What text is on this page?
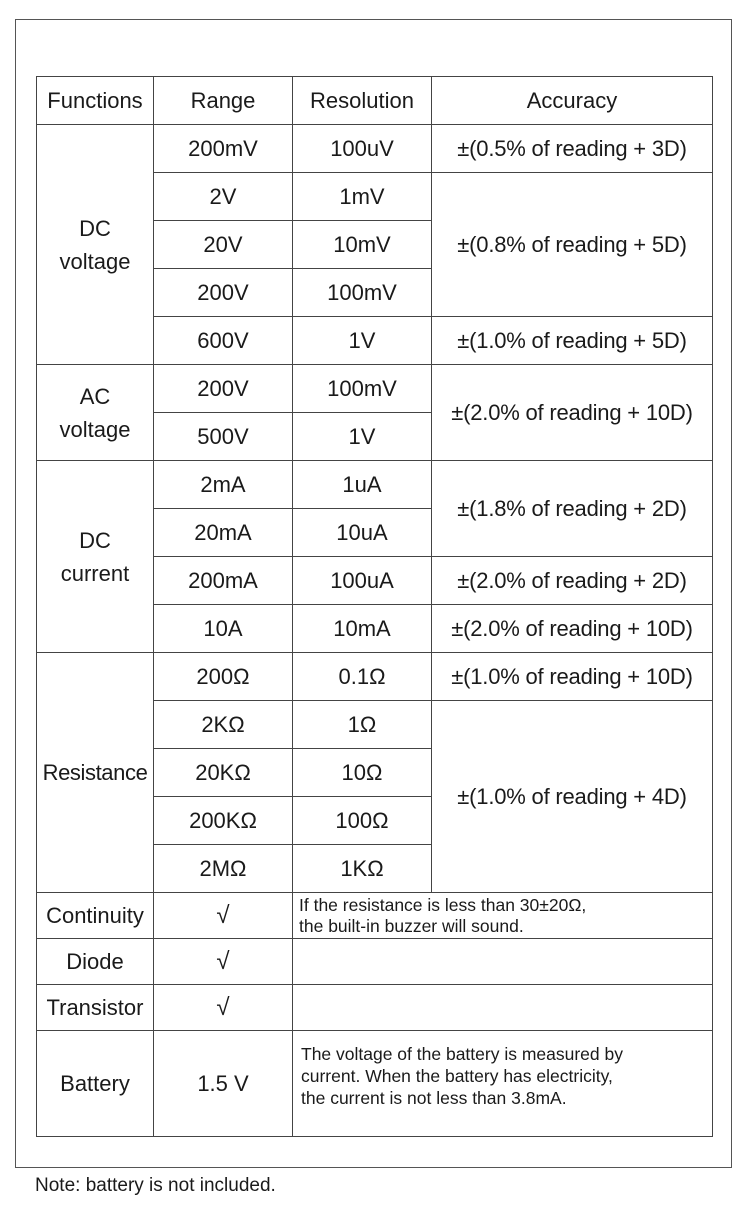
Functions	Range	Resolution	Accuracy
DC
voltage	200mV	100uV	±(0.5% of reading + 3D)
	2V	1mV	±(0.8% of reading + 5D)
	20V	10mV	
	200V	100mV	
	600V	1V	±(1.0% of reading + 5D)
AC
voltage	200V	100mV	±(2.0% of reading + 10D)
	500V	1V	
DC
current	2mA	1uA	±(1.8% of reading + 2D)
	20mA	10uA	
	200mA	100uA	±(2.0% of reading + 2D)
	10A	10mA	±(2.0% of reading + 10D)
Resistance	200Ω	0.1Ω	±(1.0% of reading + 10D)
	2KΩ	1Ω	±(1.0% of reading + 4D)
	20KΩ	10Ω	
	200KΩ	100Ω	
	2MΩ	1KΩ	
Continuity	√	If the resistance is less than 30±20Ω,
the built-in buzzer will sound.	
Diode	√		
Transistor	√		
Battery	1.5 V	The voltage of the battery is measured by
current. When the battery has electricity,
the current is not less than 3.8mA.	
Note: battery is not included.
